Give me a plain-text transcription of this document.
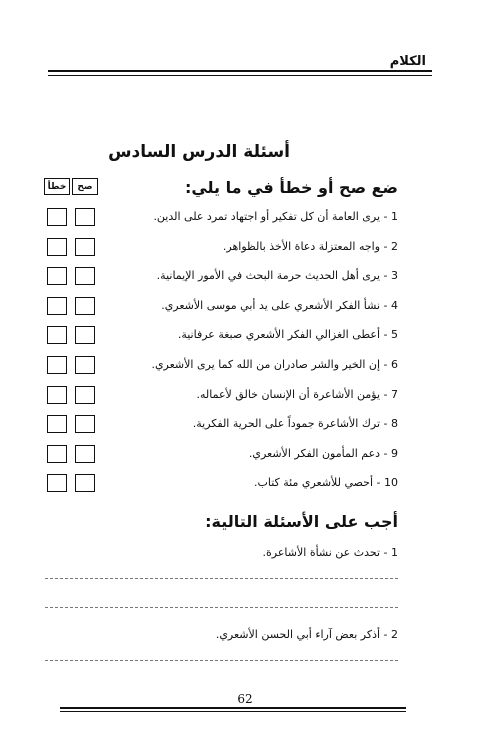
الكلام
أسئلة الدرس السادس
ضع صح أو خطأ في ما يلي:
صح
خطأ
1 - يرى العامة أن كل تفكير أو اجتهاد تمرد على الدين.
2 - واجه المعتزلة دعاة الأخذ بالظواهر.
3 - يرى أهل الحديث حرمة البحث في الأمور الإيمانية.
4 - نشأ الفكر الأشعري على يد أبي موسى الأشعري.
5 - أعطى الغزالي الفكر الأشعري صبغة عرفانية.
6 - إن الخير والشر صادران من الله كما يرى الأشعري.
7 - يؤمن الأشاعرة أن الإنسان خالق لأعماله.
8 - ترك الأشاعرة جموداً على الحرية الفكرية.
9 - دعم المأمون الفكر الأشعري.
10 - أحصي للأشعري مئة كتاب.
أجب على الأسئلة التالية:
1 - تحدث عن نشأة الأشاعرة.
2 - أذكر بعض آراء أبي الحسن الأشعري.
62
